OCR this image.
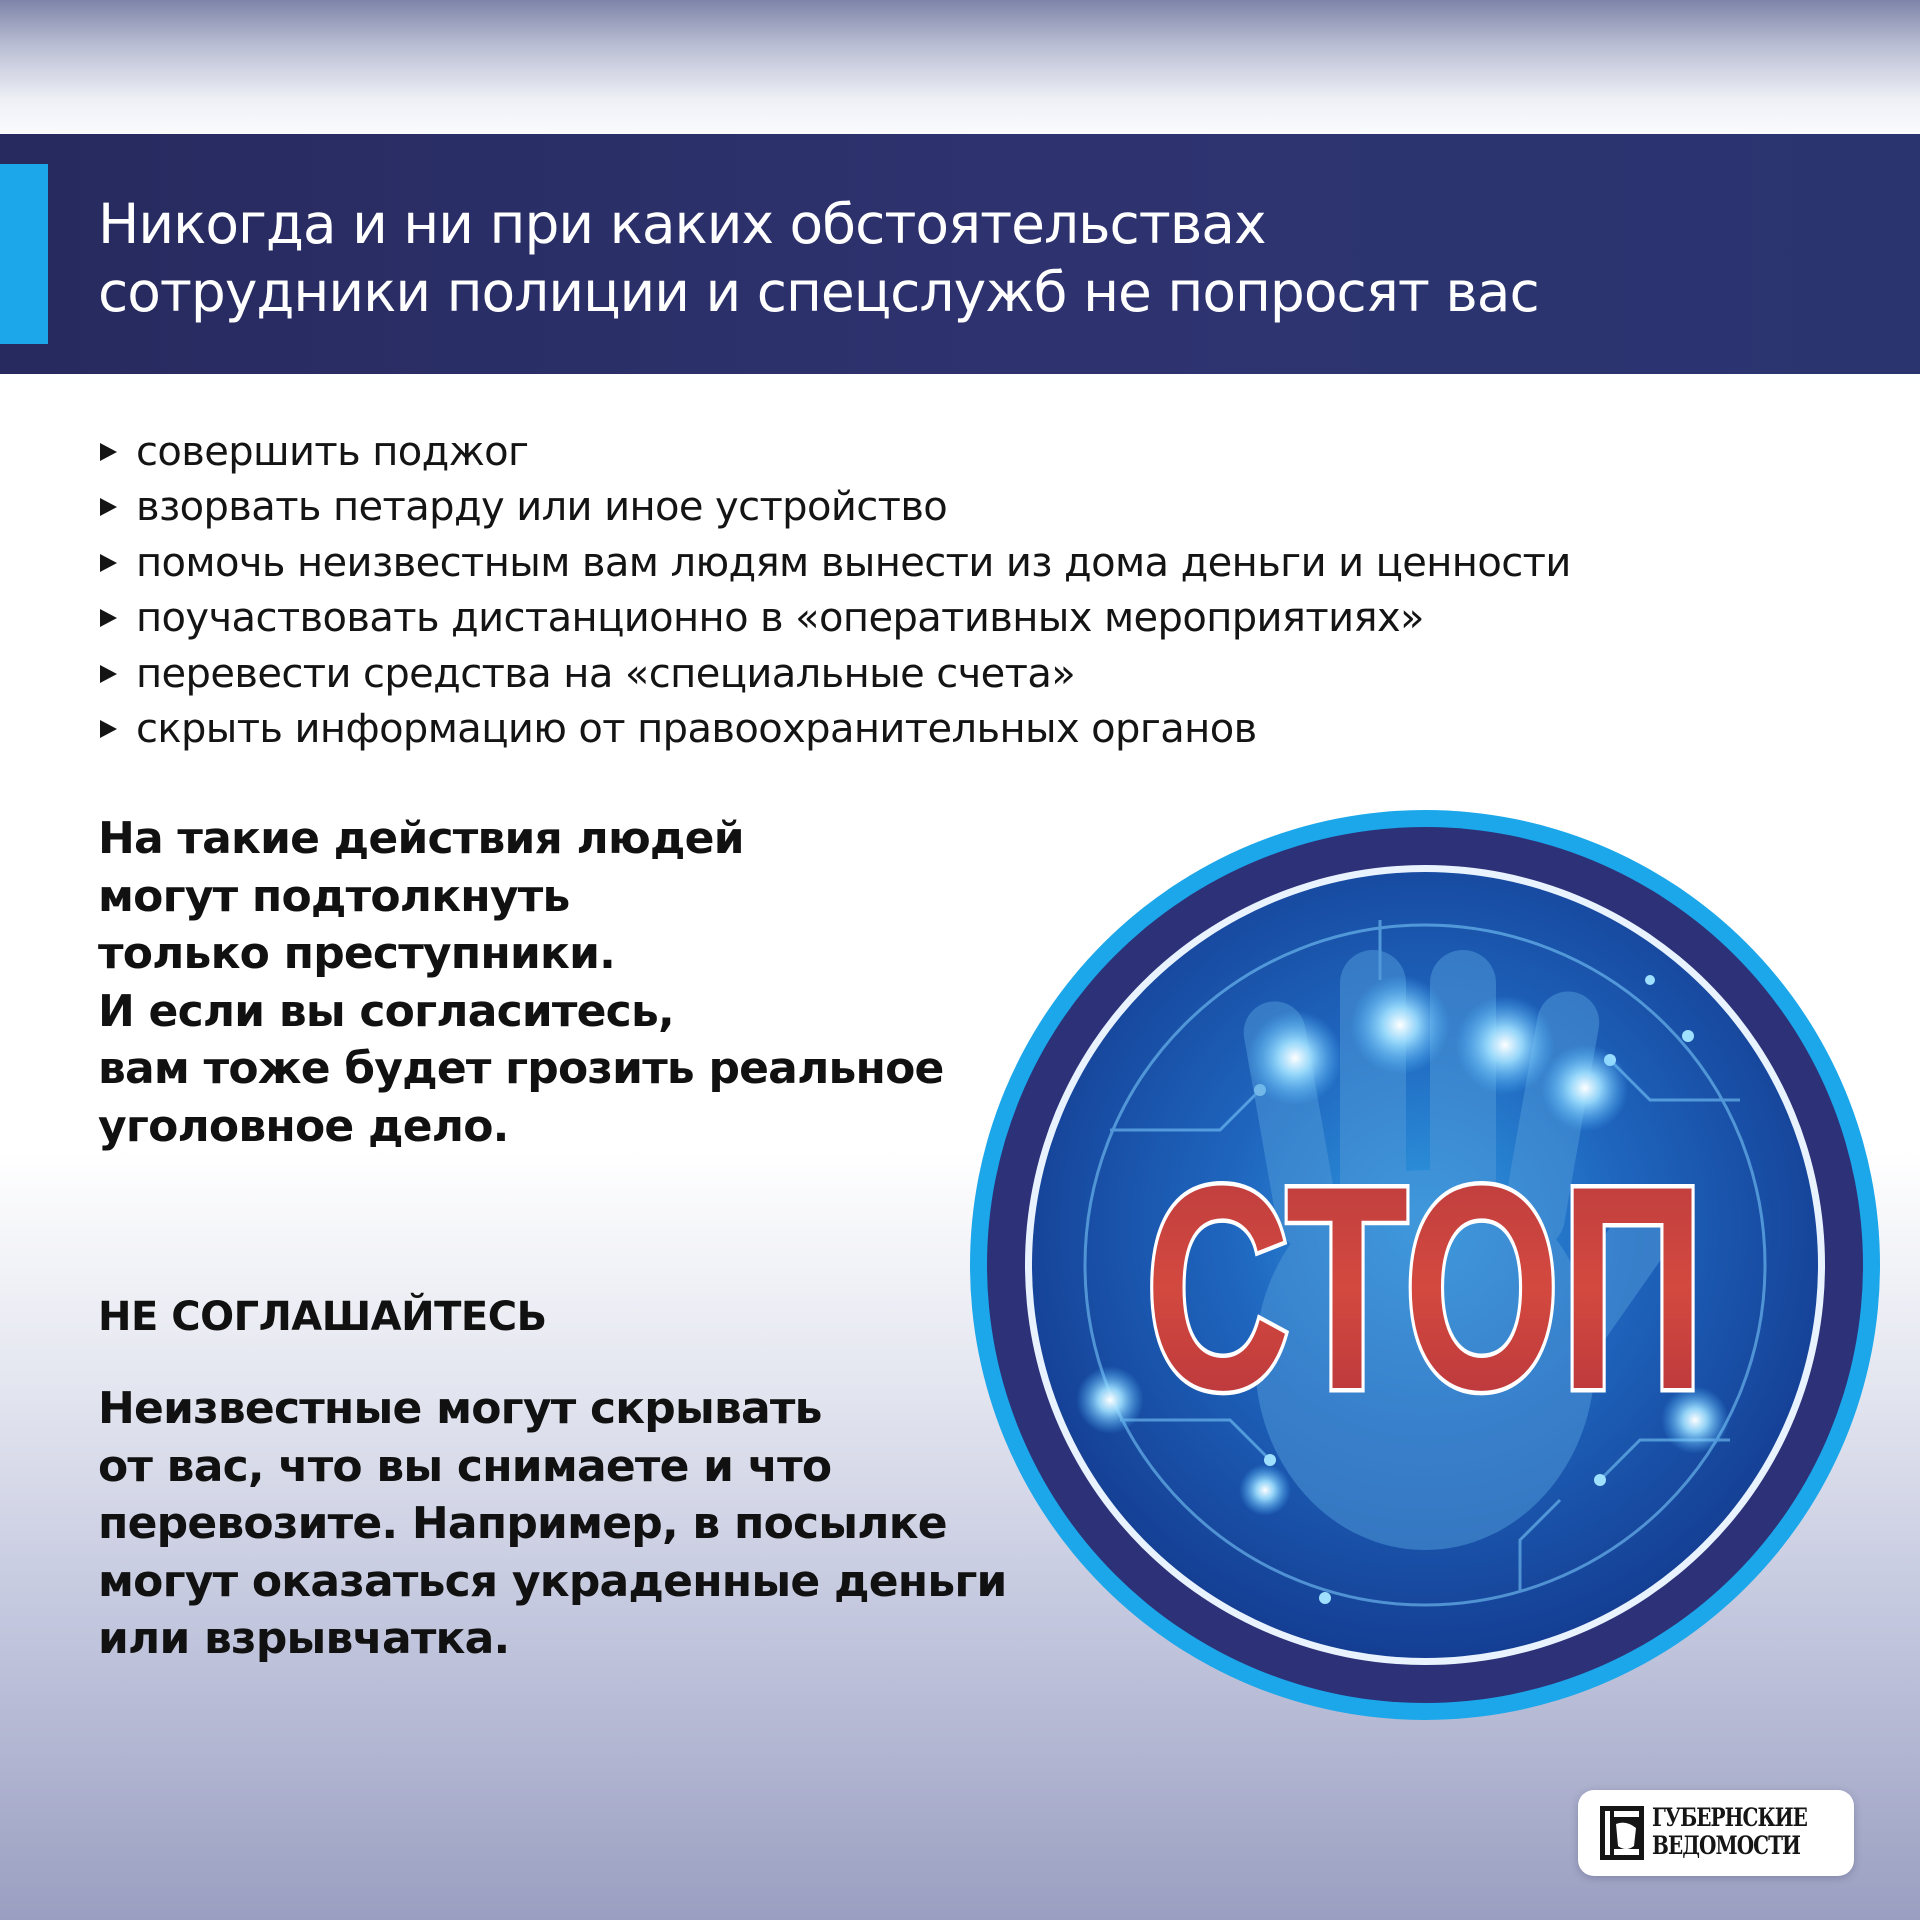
Никогда и ни при каких обстоятельствах
сотрудники полиции и спецслужб не попросят вас
совершить поджог
взорвать петарду или иное устройство
помочь неизвестным вам людям вынести из дома деньги и ценности
поучаствовать дистанционно в «оперативных мероприятиях»
перевести средства на «специальные счета»
скрыть информацию от правоохранительных органов
На такие действия людей
могут подтолкнуть
только преступники.
И если вы согласитесь,
вам тоже будет грозить реальное
уголовное дело.
НЕ СОГЛАШАЙТЕСЬ
Неизвестные могут скрывать
от вас, что вы снимаете и что
перевозите. Например, в посылке
могут оказаться украденные деньги
или взрывчатка.
СТОП
ГУБЕРНСКИЕ
ВЕДОМОСТИ
